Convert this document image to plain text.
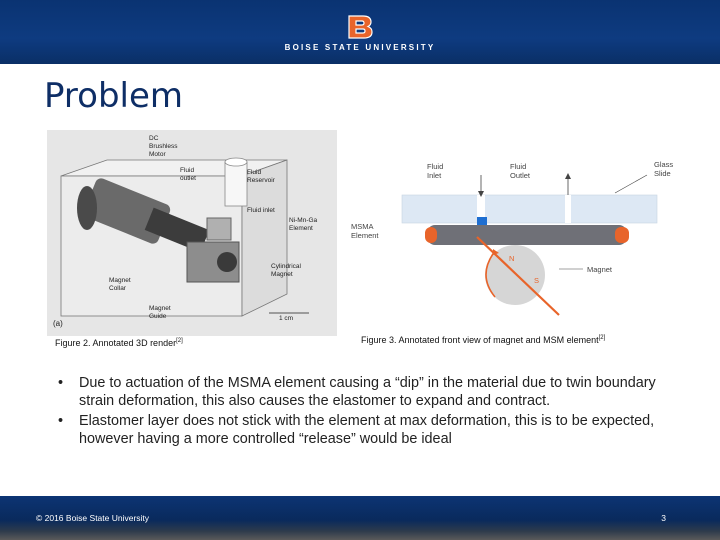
BOISE STATE UNIVERSITY
Problem
DC Brushless Motor
Fluid outlet
Fluid Reservoir
Fluid inlet
Ni-Mn-Ga Element
Cylindrical Magnet
Magnet Collar
Magnet Guide
(a)
1 cm
Figure 2. Annotated 3D render[2]
Fluid Inlet
Fluid Outlet
Glass Slide
MSMA Element
Magnet
N
S
Figure 3. Annotated front view of magnet and MSM element[2]
• Due to actuation of the MSMA element causing a “dip” in the material due to twin boundary strain deformation, this also causes the elastomer to expand and contract.
• Elastomer layer does not stick with the element at max deformation, this is to be expected, however having a more controlled “release” would be ideal
© 2016 Boise State University	3
